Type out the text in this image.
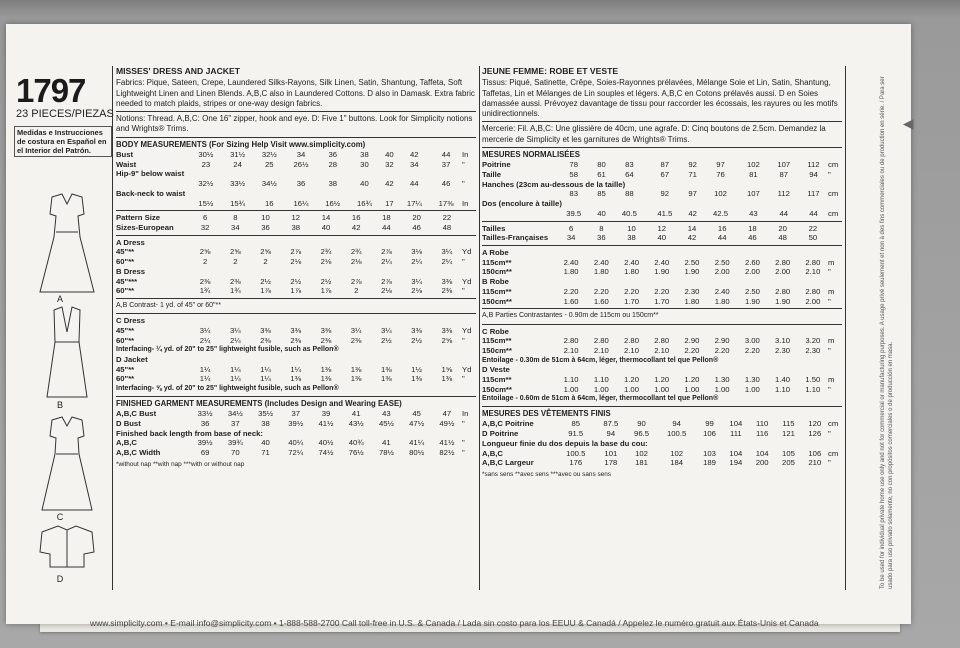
1797
23 PIECES/PIEZAS
Medidas e Instrucciones de costura en Español en el Interior del Patrón.
A
B
C
D
MISSES' DRESS AND JACKET
Fabrics: Pique, Sateen, Crepe, Laundered Silks-Rayons, Silk Linen, Satin, Shantung, Taffeta, Soft Lightweight Linen and Linen Blends. A,B,C also in Laundered Cottons. D also in Damask. Extra fabric needed to match plaids, stripes or one-way design fabrics.
Notions: Thread. A,B,C: One 16" zipper, hook and eye. D: Five 1" buttons. Look for Simplicity notions and Wrights® Trims.
BODY MEASUREMENTS (For Sizing Help Visit www.simplicity.com)
Bust	30½	31½	32½	34	36	38	40	42	44	In
Waist	23	24	25	26½	28	30	32	34	37	"
Hip-9" below waist										
	32½	33½	34½	36	38	40	42	44	46	"
Back-neck to waist										
	15½	15¾	16	16¼	16½	16¾	17	17¼	17⅜	In
Pattern Size	6	8	10	12	14	16	18	20	22	
Sizes-European	32	34	36	38	40	42	44	46	48	
A Dress										
45"**	2⅝	2⅝	2⅝	2⅞	2¾	2¾	2⅞	3⅛	3¼	Yd
60"**	2	2	2	2⅛	2⅛	2⅛	2¼	2¼	2¼	"
B Dress										
45"***	2⅜	2⅜	2½	2½	2½	2⅞	2⅞	3¼	3⅜	Yd
60"**	1¾	1¾	1⅞	1⅞	1⅞	2	2⅛	2⅛	2⅜	"
A,B Contrast- 1 yd. of 45" or 60"**
C Dress										
45"**	3¼	3¼	3⅜	3⅜	3⅜	3¼	3¼	3⅜	3⅜	Yd
60"**	2¼	2¼	2⅜	2⅜	2⅜	2⅜	2½	2½	2⅝	"
Interfacing- ¼ yd. of 20" to 25" lightweight fusible, such as Pellon®										
D Jacket										
45"**	1¼	1¼	1¼	1¼	1⅜	1⅜	1⅜	1½	1⅝	Yd
60"**	1¼	1¼	1¼	1⅜	1⅜	1⅜	1⅜	1⅜	1⅜	"
Interfacing- ⅝ yd. of 20" to 25" lightweight fusible, such as Pellon®										
FINISHED GARMENT MEASUREMENTS (Includes Design and Wearing EASE)
A,B,C Bust	33½	34½	35½	37	39	41	43	45	47	In
D Bust	36	37	38	39½	41½	43½	45½	47½	49½	"
Finished back length from base of neck:										
A,B,C	39½	39¾	40	40¼	40½	40¾	41	41¼	41½	"
A,B,C Width	69	70	71	72¼	74½	76½	78½	80½	82½	"
*without nap **with nap ***with or without nap
JEUNE FEMME: ROBE ET VESTE
Tissus: Piqué, Satinette, Crêpe, Soies-Rayonnes prélavées, Mélange Soie et Lin, Satin, Shantung, Taffetas, Lin et Mélanges de Lin souples et légers. A,B,C en Cotons prélavés aussi. D en Soies damassée aussi. Prévoyez davantage de tissu pour raccorder les écossais, les rayures ou les motifs unidirectionnels.
Mercerie: Fil. A,B,C: Une glissière de 40cm, une agrafe. D: Cinq boutons de 2.5cm. Demandez la mercerie de Simplicity et les garnitures de Wrights® Trims.
MESURES NORMALISÉES
Poitrine	78	80	83	87	92	97	102	107	112	cm
Taille	58	61	64	67	71	76	81	87	94	"
Hanches (23cm au-dessous de la taille)										
	83	85	88	92	97	102	107	112	117	cm
Dos (encolure à taille)										
	39.5	40	40.5	41.5	42	42.5	43	44	44	cm
Tailles	6	8	10	12	14	16	18	20	22	
Tailles-Françaises	34	36	38	40	42	44	46	48	50	
A Robe										
115cm**	2.40	2.40	2.40	2.40	2.50	2.50	2.60	2.80	2.80	m
150cm**	1.80	1.80	1.80	1.90	1.90	2.00	2.00	2.00	2.10	"
B Robe										
115cm**	2.20	2.20	2.20	2.20	2.30	2.40	2.50	2.80	2.80	m
150cm**	1.60	1.60	1.70	1.70	1.80	1.80	1.90	1.90	2.00	"
A,B Parties Contrastantes - 0.90m de 115cm ou 150cm**
C Robe										
115cm**	2.80	2.80	2.80	2.80	2.90	2.90	3.00	3.10	3.20	m
150cm**	2.10	2.10	2.10	2.10	2.20	2.20	2.20	2.30	2.30	"
Entoilage - 0.30m de 51cm à 64cm, léger, thermocollant tel que Pellon®										
D Veste										
115cm**	1.10	1.10	1.20	1.20	1.20	1.30	1.30	1.40	1.50	m
150cm**	1.00	1.00	1.00	1.00	1.00	1.00	1.00	1.10	1.10	"
Entoilage - 0.60m de 51cm à 64cm, léger, thermocollant tel que Pellon®										
MESURES DES VÊTEMENTS FINIS
A,B,C Poitrine	85	87.5	90	94	99	104	110	115	120	cm
D Poitrine	91.5	94	96.5	100.5	106	111	116	121	126	"
Longueur finie du dos depuis la base du cou:										
A,B,C	100.5	101	102	102	103	104	104	105	106	cm
A,B,C Largeur	176	178	181	184	189	194	200	205	210	"
*sans sens **avec sens ***avec ou sans sens
▲
To be used for individual private home use only and not for commercial or manufacturing purposes. A usage privé seulement et non à des fins commerciales ou de production en série. / Para ser usado para uso privado solamente, no con propósitos comerciales o de producción en masa.
www.simplicity.com • E-mail info@simplicity.com • 1-888-588-2700 Call toll-free in U.S. & Canada / Lada sin costo para los EEUU & Canadá / Appelez le numéro gratuit aux États-Unis et Canada
